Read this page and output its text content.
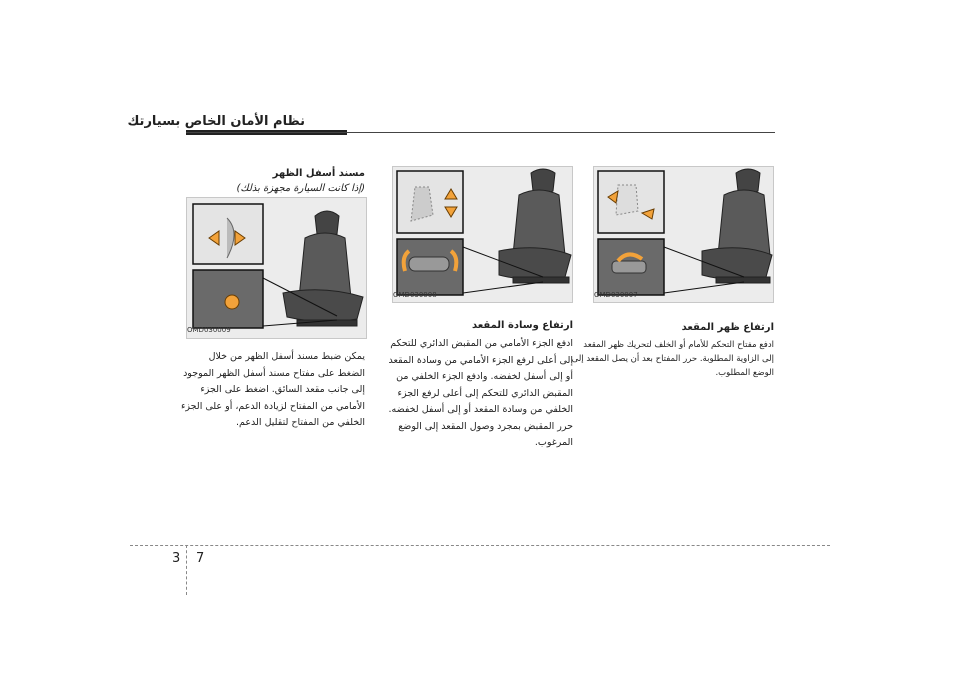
نظام الأمان الخاص بسيارتك
OMD030009
OMD030008	OMD030007
ارتفاع ظهر المقعد
ادفع مفتاح التحكم للأمام أو الخلف لتحريك ظهر المقعد
إلى الزاوية المطلوبة. حرر المفتاح بعد أن يصل المقعد إلى
الوضع المطلوب.
ارتفاع وسادة المقعد
ادفع الجزء الأمامي من المقبض الدائري للتحكم
إلى أعلى لرفع الجزء الأمامي من وسادة المقعد
أو إلى أسفل لخفضه. وادفع الجزء الخلفي من
المقبض الدائري للتحكم إلى أعلى لرفع الجزء
الخلفي من وسادة المقعد أو إلى أسفل لخفضه.
حرر المقبض بمجرد وصول المقعد إلى الوضع
المرغوب.
مسند أسفل الظهر
(إذا كانت السيارة مجهزة بذلك)
يمكن ضبط مسند أسفل الظهر من خلال
الضغط على مفتاح مسند أسفل الظهر الموجود
إلى جانب مقعد السائق. اضغط على الجزء
الأمامي من المفتاح لزيادة الدعم، أو على الجزء
الخلفي من المفتاح لتقليل الدعم.
3 7
